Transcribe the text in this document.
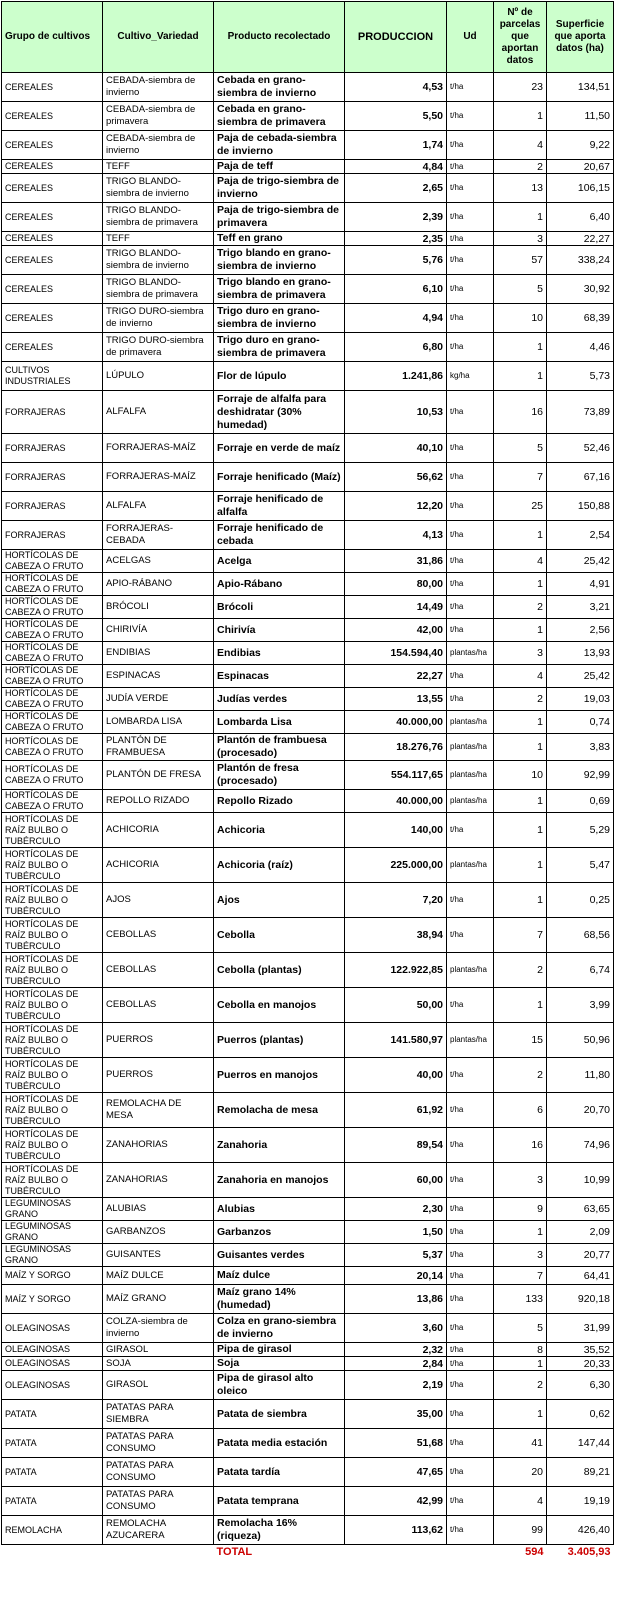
Grupo de cultivos	Cultivo_Variedad	Producto recolectado	PRODUCCION	Ud	Nº de parcelas que aportan datos	Superficie que aporta datos (ha)
CEREALES	CEBADA-siembra de invierno	Cebada en grano-siembra de invierno	4,53	t/ha	23	134,51
CEREALES	CEBADA-siembra de primavera	Cebada en grano-siembra de primavera	5,50	t/ha	1	11,50
CEREALES	CEBADA-siembra de invierno	Paja de cebada-siembra de invierno	1,74	t/ha	4	9,22
CEREALES	TEFF	Paja de teff	4,84	t/ha	2	20,67
CEREALES	TRIGO BLANDO-siembra de invierno	Paja de trigo-siembra de invierno	2,65	t/ha	13	106,15
CEREALES	TRIGO BLANDO-siembra de primavera	Paja de trigo-siembra de primavera	2,39	t/ha	1	6,40
CEREALES	TEFF	Teff en grano	2,35	t/ha	3	22,27
CEREALES	TRIGO BLANDO-siembra de invierno	Trigo blando en grano-siembra de invierno	5,76	t/ha	57	338,24
CEREALES	TRIGO BLANDO-siembra de primavera	Trigo blando en grano-siembra de primavera	6,10	t/ha	5	30,92
CEREALES	TRIGO DURO-siembra de invierno	Trigo duro en grano-siembra de invierno	4,94	t/ha	10	68,39
CEREALES	TRIGO DURO-siembra de primavera	Trigo duro en grano-siembra de primavera	6,80	t/ha	1	4,46
CULTIVOS INDUSTRIALES	LÚPULO	Flor de lúpulo	1.241,86	kg/ha	1	5,73
FORRAJERAS	ALFALFA	Forraje de alfalfa para deshidratar (30% humedad)	10,53	t/ha	16	73,89
FORRAJERAS	FORRAJERAS-MAÍZ	Forraje en verde de maíz	40,10	t/ha	5	52,46
FORRAJERAS	FORRAJERAS-MAÍZ	Forraje henificado (Maíz)	56,62	t/ha	7	67,16
FORRAJERAS	ALFALFA	Forraje henificado de alfalfa	12,20	t/ha	25	150,88
FORRAJERAS	FORRAJERAS-CEBADA	Forraje henificado de cebada	4,13	t/ha	1	2,54
HORTÍCOLAS DE CABEZA O FRUTO	ACELGAS	Acelga	31,86	t/ha	4	25,42
HORTÍCOLAS DE CABEZA O FRUTO	APIO-RÁBANO	Apio-Rábano	80,00	t/ha	1	4,91
HORTÍCOLAS DE CABEZA O FRUTO	BRÓCOLI	Brócoli	14,49	t/ha	2	3,21
HORTÍCOLAS DE CABEZA O FRUTO	CHIRIVÍA	Chirivía	42,00	t/ha	1	2,56
HORTÍCOLAS DE CABEZA O FRUTO	ENDIBIAS	Endibias	154.594,40	plantas/ha	3	13,93
HORTÍCOLAS DE CABEZA O FRUTO	ESPINACAS	Espinacas	22,27	t/ha	4	25,42
HORTÍCOLAS DE CABEZA O FRUTO	JUDÍA VERDE	Judías verdes	13,55	t/ha	2	19,03
HORTÍCOLAS DE CABEZA O FRUTO	LOMBARDA LISA	Lombarda Lisa	40.000,00	plantas/ha	1	0,74
HORTÍCOLAS DE CABEZA O FRUTO	PLANTÓN DE FRAMBUESA	Plantón de frambuesa (procesado)	18.276,76	plantas/ha	1	3,83
HORTÍCOLAS DE CABEZA O FRUTO	PLANTÓN DE FRESA	Plantón de fresa (procesado)	554.117,65	plantas/ha	10	92,99
HORTÍCOLAS DE CABEZA O FRUTO	REPOLLO RIZADO	Repollo Rizado	40.000,00	plantas/ha	1	0,69
HORTÍCOLAS DE RAÍZ BULBO O TUBÉRCULO	ACHICORIA	Achicoria	140,00	t/ha	1	5,29
HORTÍCOLAS DE RAÍZ BULBO O TUBÉRCULO	ACHICORIA	Achicoria (raíz)	225.000,00	plantas/ha	1	5,47
HORTÍCOLAS DE RAÍZ BULBO O TUBÉRCULO	AJOS	Ajos	7,20	t/ha	1	0,25
HORTÍCOLAS DE RAÍZ BULBO O TUBÉRCULO	CEBOLLAS	Cebolla	38,94	t/ha	7	68,56
HORTÍCOLAS DE RAÍZ BULBO O TUBÉRCULO	CEBOLLAS	Cebolla (plantas)	122.922,85	plantas/ha	2	6,74
HORTÍCOLAS DE RAÍZ BULBO O TUBÉRCULO	CEBOLLAS	Cebolla en manojos	50,00	t/ha	1	3,99
HORTÍCOLAS DE RAÍZ BULBO O TUBÉRCULO	PUERROS	Puerros (plantas)	141.580,97	plantas/ha	15	50,96
HORTÍCOLAS DE RAÍZ BULBO O TUBÉRCULO	PUERROS	Puerros en manojos	40,00	t/ha	2	11,80
HORTÍCOLAS DE RAÍZ BULBO O TUBÉRCULO	REMOLACHA DE MESA	Remolacha de mesa	61,92	t/ha	6	20,70
HORTÍCOLAS DE RAÍZ BULBO O TUBÉRCULO	ZANAHORIAS	Zanahoria	89,54	t/ha	16	74,96
HORTÍCOLAS DE RAÍZ BULBO O TUBÉRCULO	ZANAHORIAS	Zanahoria en manojos	60,00	t/ha	3	10,99
LEGUMINOSAS GRANO	ALUBIAS	Alubias	2,30	t/ha	9	63,65
LEGUMINOSAS GRANO	GARBANZOS	Garbanzos	1,50	t/ha	1	2,09
LEGUMINOSAS GRANO	GUISANTES	Guisantes verdes	5,37	t/ha	3	20,77
MAÍZ Y SORGO	MAÍZ DULCE	Maíz dulce	20,14	t/ha	7	64,41
MAÍZ Y SORGO	MAÍZ GRANO	Maíz grano 14% (humedad)	13,86	t/ha	133	920,18
OLEAGINOSAS	COLZA-siembra de invierno	Colza en grano-siembra de invierno	3,60	t/ha	5	31,99
OLEAGINOSAS	GIRASOL	Pipa de girasol	2,32	t/ha	8	35,52
OLEAGINOSAS	SOJA	Soja	2,84	t/ha	1	20,33
OLEAGINOSAS	GIRASOL	Pipa de girasol alto oleico	2,19	t/ha	2	6,30
PATATA	PATATAS PARA SIEMBRA	Patata de siembra	35,00	t/ha	1	0,62
PATATA	PATATAS PARA CONSUMO	Patata media estación	51,68	t/ha	41	147,44
PATATA	PATATAS PARA CONSUMO	Patata tardía	47,65	t/ha	20	89,21
PATATA	PATATAS PARA CONSUMO	Patata temprana	42,99	t/ha	4	19,19
REMOLACHA	REMOLACHA AZUCARERA	Remolacha 16% (riqueza)	113,62	t/ha	99	426,40
		TOTAL			594	3.405,93
